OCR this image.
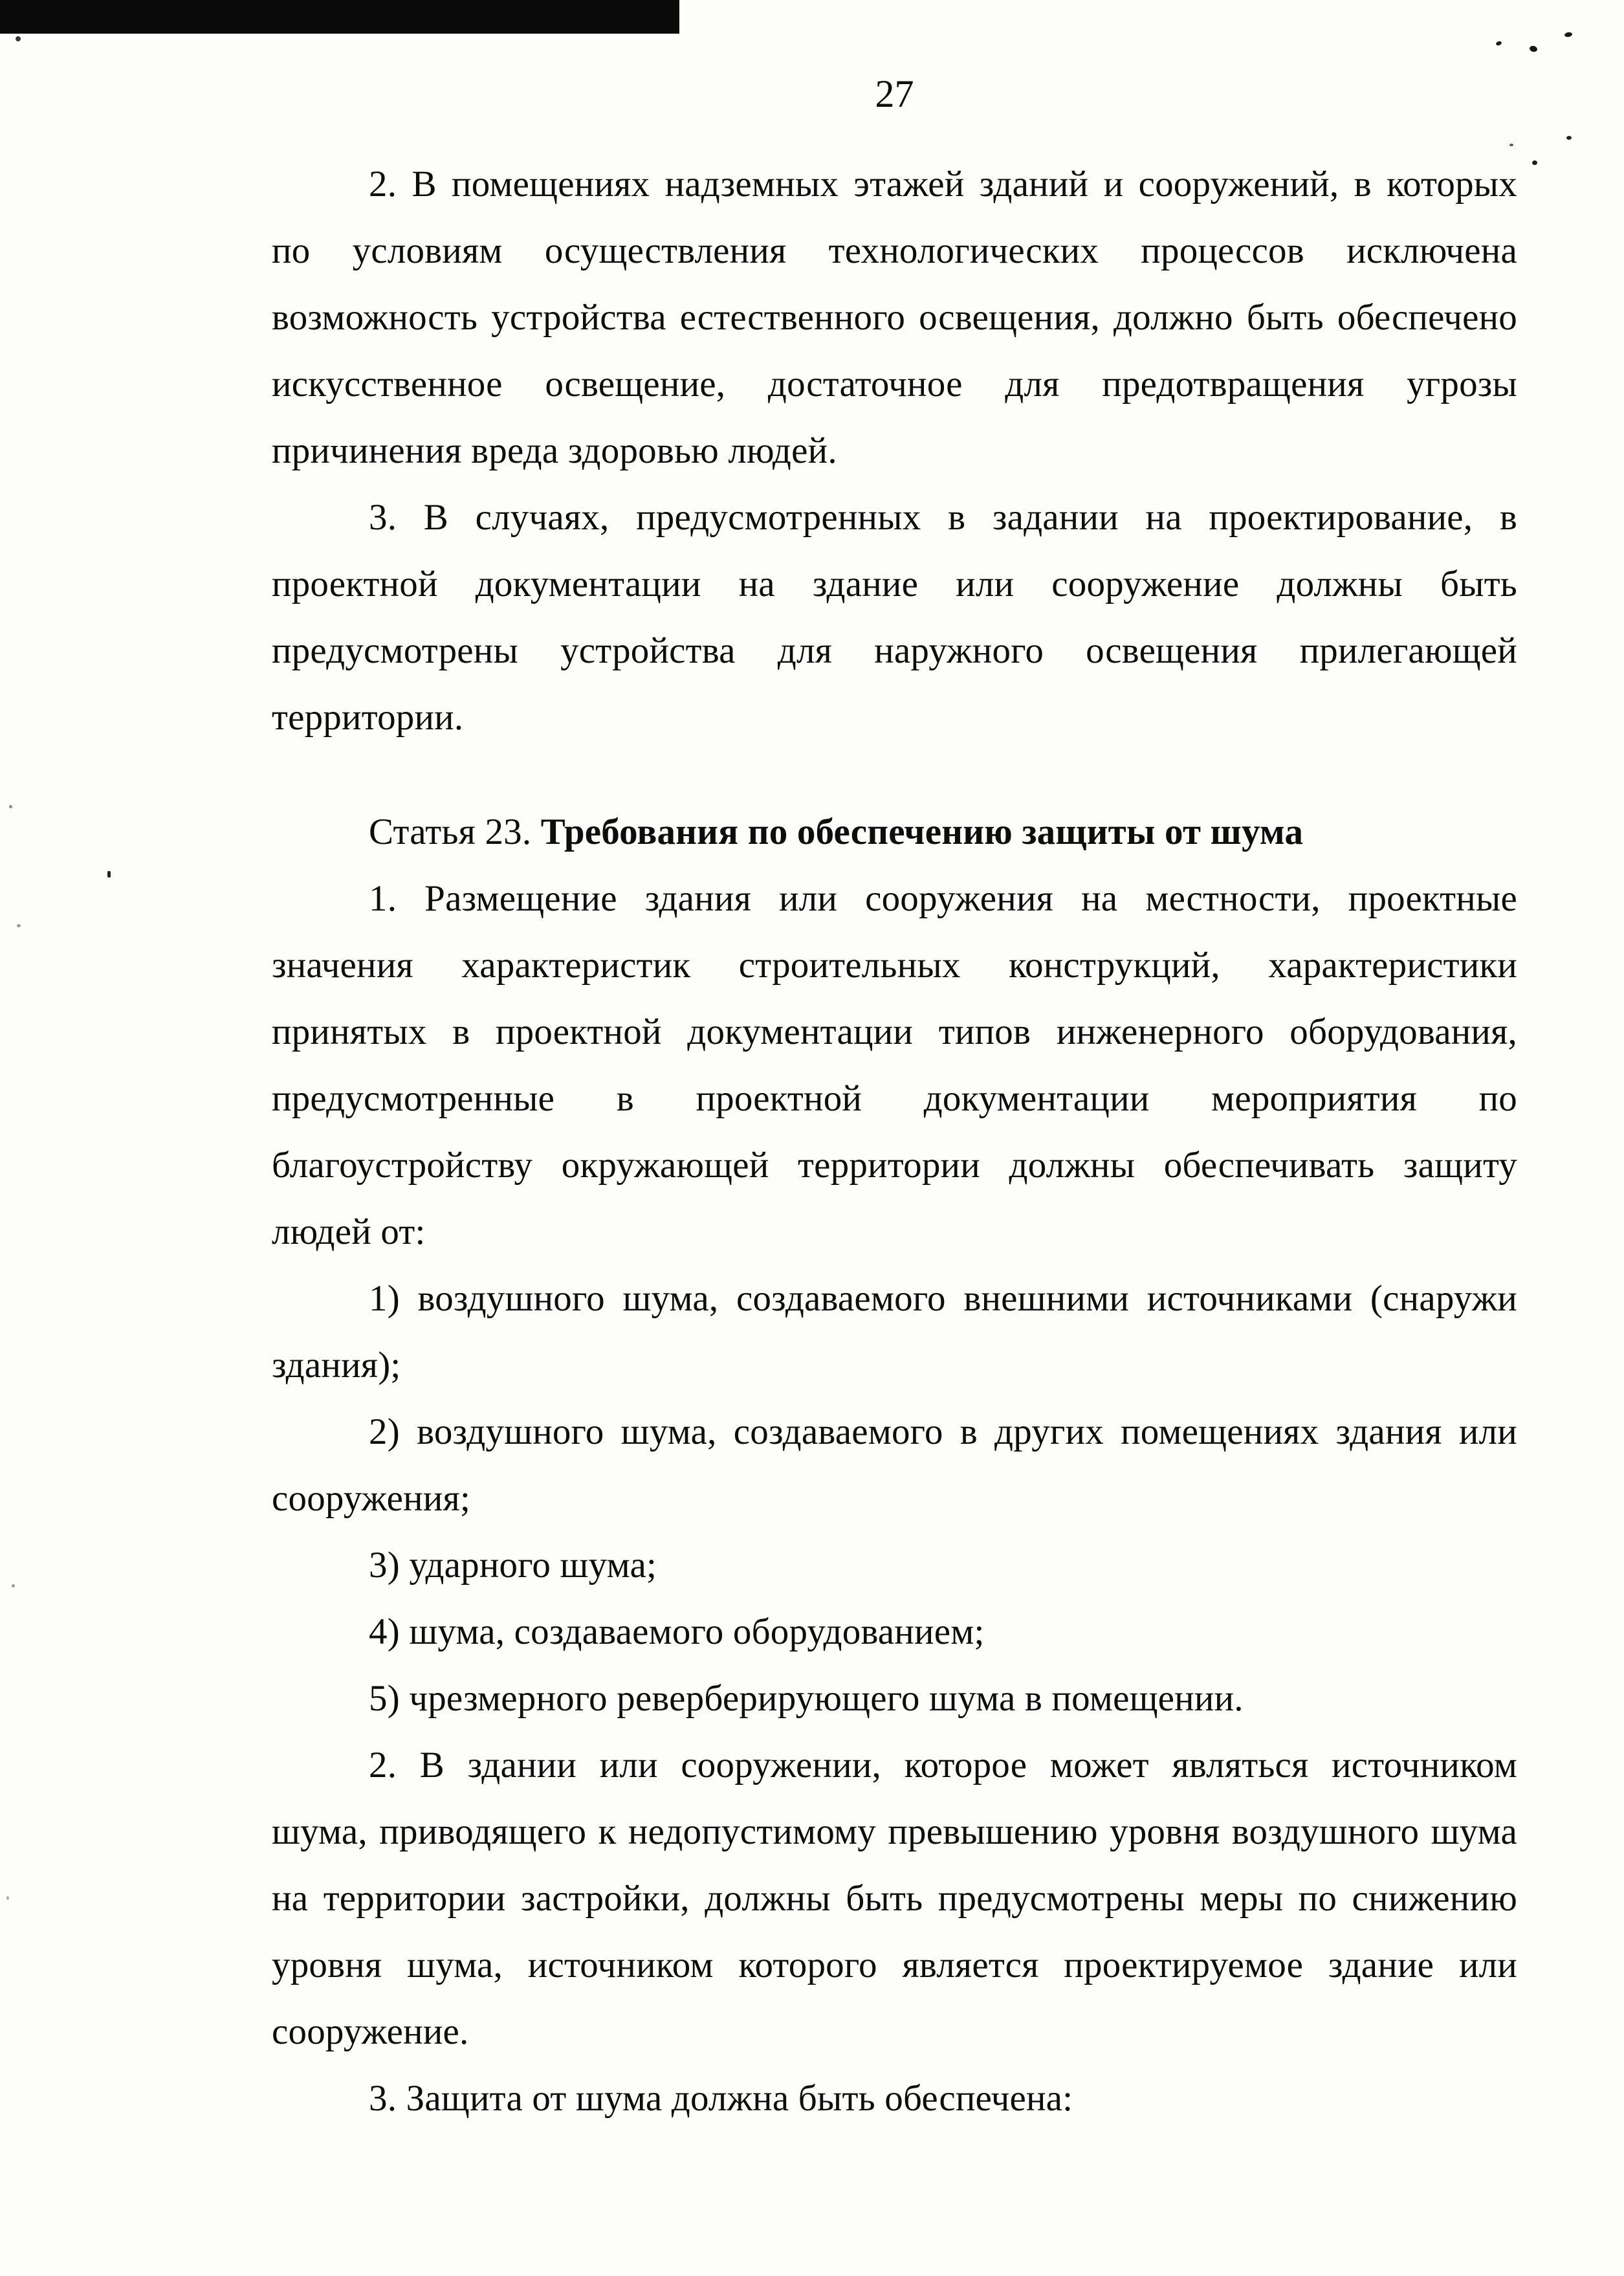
27
2. В помещениях надземных этажей зданий и сооружений, в которых
по условиям осуществления технологических процессов исключена
возможность устройства естественного освещения, должно быть обеспечено
искусственное освещение, достаточное для предотвращения угрозы
причинения вреда здоровью людей.
3. В случаях, предусмотренных в задании на проектирование, в
проектной документации на здание или сооружение должны быть
предусмотрены устройства для наружного освещения прилегающей
территории.
Статья 23. Требования по обеспечению защиты от шума
1. Размещение здания или сооружения на местности, проектные
значения характеристик строительных конструкций, характеристики
принятых в проектной документации типов инженерного оборудования,
предусмотренные в проектной документации мероприятия по
благоустройству окружающей территории должны обеспечивать защиту
людей от:
1) воздушного шума, создаваемого внешними источниками (снаружи
здания);
2) воздушного шума, создаваемого в других помещениях здания или
сооружения;
3) ударного шума;
4) шума, создаваемого оборудованием;
5) чрезмерного реверберирующего шума в помещении.
2. В здании или сооружении, которое может являться источником
шума, приводящего к недопустимому превышению уровня воздушного шума
на территории застройки, должны быть предусмотрены меры по снижению
уровня шума, источником которого является проектируемое здание или
сооружение.
3. Защита от шума должна быть обеспечена:
